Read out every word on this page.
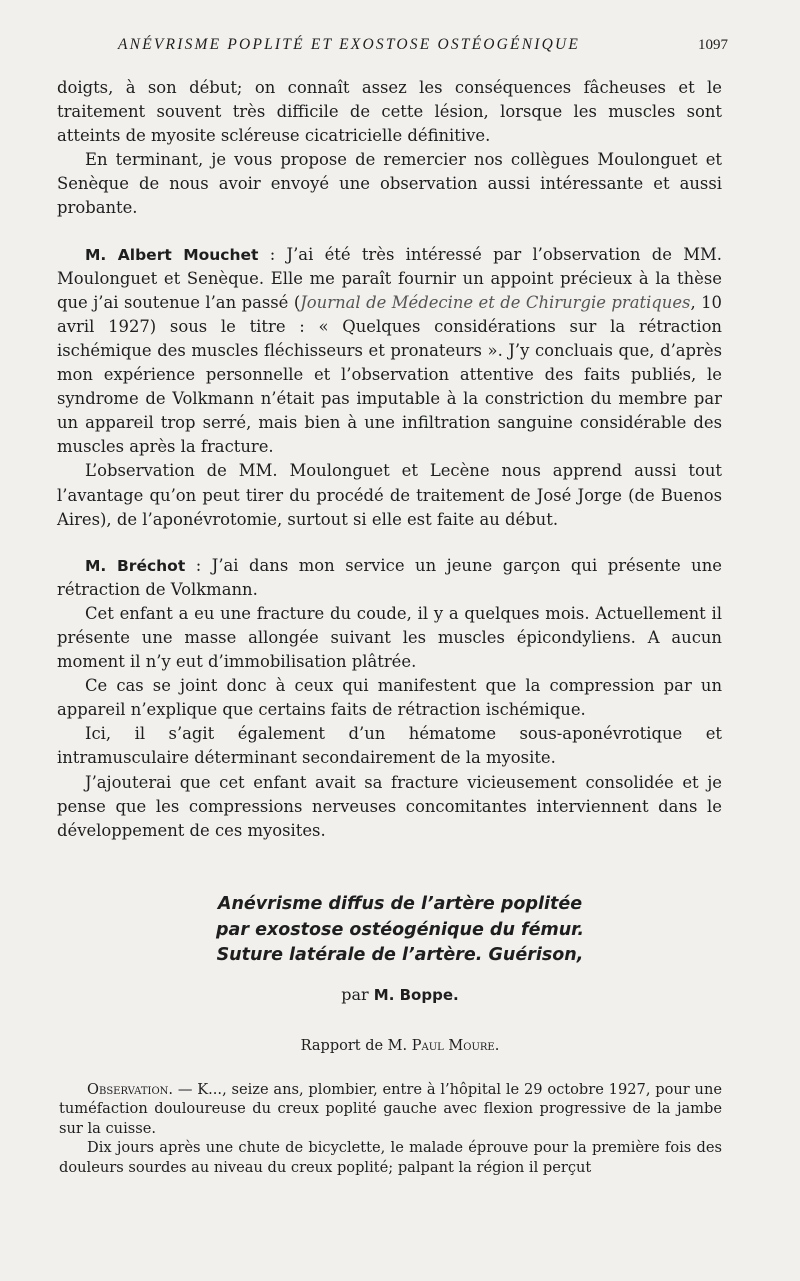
ANÉVRISME POPLITÉ ET EXOSTOSE OSTÉOGÉNIQUE	1097

doigts, à son début; on connaît assez les conséquences fâcheuses et le traitement souvent très difficile de cette lésion, lorsque les muscles sont atteints de myosite scléreuse cicatricielle définitive.

En terminant, je vous propose de remercier nos collègues Moulonguet et Senèque de nous avoir envoyé une observation aussi intéressante et aussi probante.

M. Albert Mouchet : J’ai été très intéressé par l’observation de MM. Moulonguet et Senèque. Elle me paraît fournir un appoint précieux à la thèse que j’ai soutenue l’an passé (Journal de Médecine et de Chirurgie pratiques, 10 avril 1927) sous le titre : « Quelques considérations sur la rétraction ischémique des muscles fléchisseurs et pronateurs ». J’y concluais que, d’après mon expérience personnelle et l’observation attentive des faits publiés, le syndrome de Volkmann n’était pas imputable à la constriction du membre par un appareil trop serré, mais bien à une infiltration sanguine considérable des muscles après la fracture.

L’observation de MM. Moulonguet et Lecène nous apprend aussi tout l’avantage qu’on peut tirer du procédé de traitement de José Jorge (de Buenos Aires), de l’aponévrotomie, surtout si elle est faite au début.

M. Bréchot : J’ai dans mon service un jeune garçon qui présente une rétraction de Volkmann.

Cet enfant a eu une fracture du coude, il y a quelques mois. Actuellement il présente une masse allongée suivant les muscles épicondyliens. A aucun moment il n’y eut d’immobilisation plâtrée.

Ce cas se joint donc à ceux qui manifestent que la compression par un appareil n’explique que certains faits de rétraction ischémique.

Ici, il s’agit également d’un hématome sous-aponévrotique et intramusculaire déterminant secondairement de la myosite.

J’ajouterai que cet enfant avait sa fracture vicieusement consolidée et je pense que les compressions nerveuses concomitantes interviennent dans le développement de ces myosites.

Anévrisme diffus de l’artère poplitée
par exostose ostéogénique du fémur.
Suture latérale de l’artère. Guérison,
par M. Boppe.
Rapport de M. Paul Moure.

Observation. — K..., seize ans, plombier, entre à l’hôpital le 29 octobre 1927, pour une tuméfaction douloureuse du creux poplité gauche avec flexion progressive de la jambe sur la cuisse.

Dix jours après une chute de bicyclette, le malade éprouve pour la première fois des douleurs sourdes au niveau du creux poplité; palpant la région il perçut
